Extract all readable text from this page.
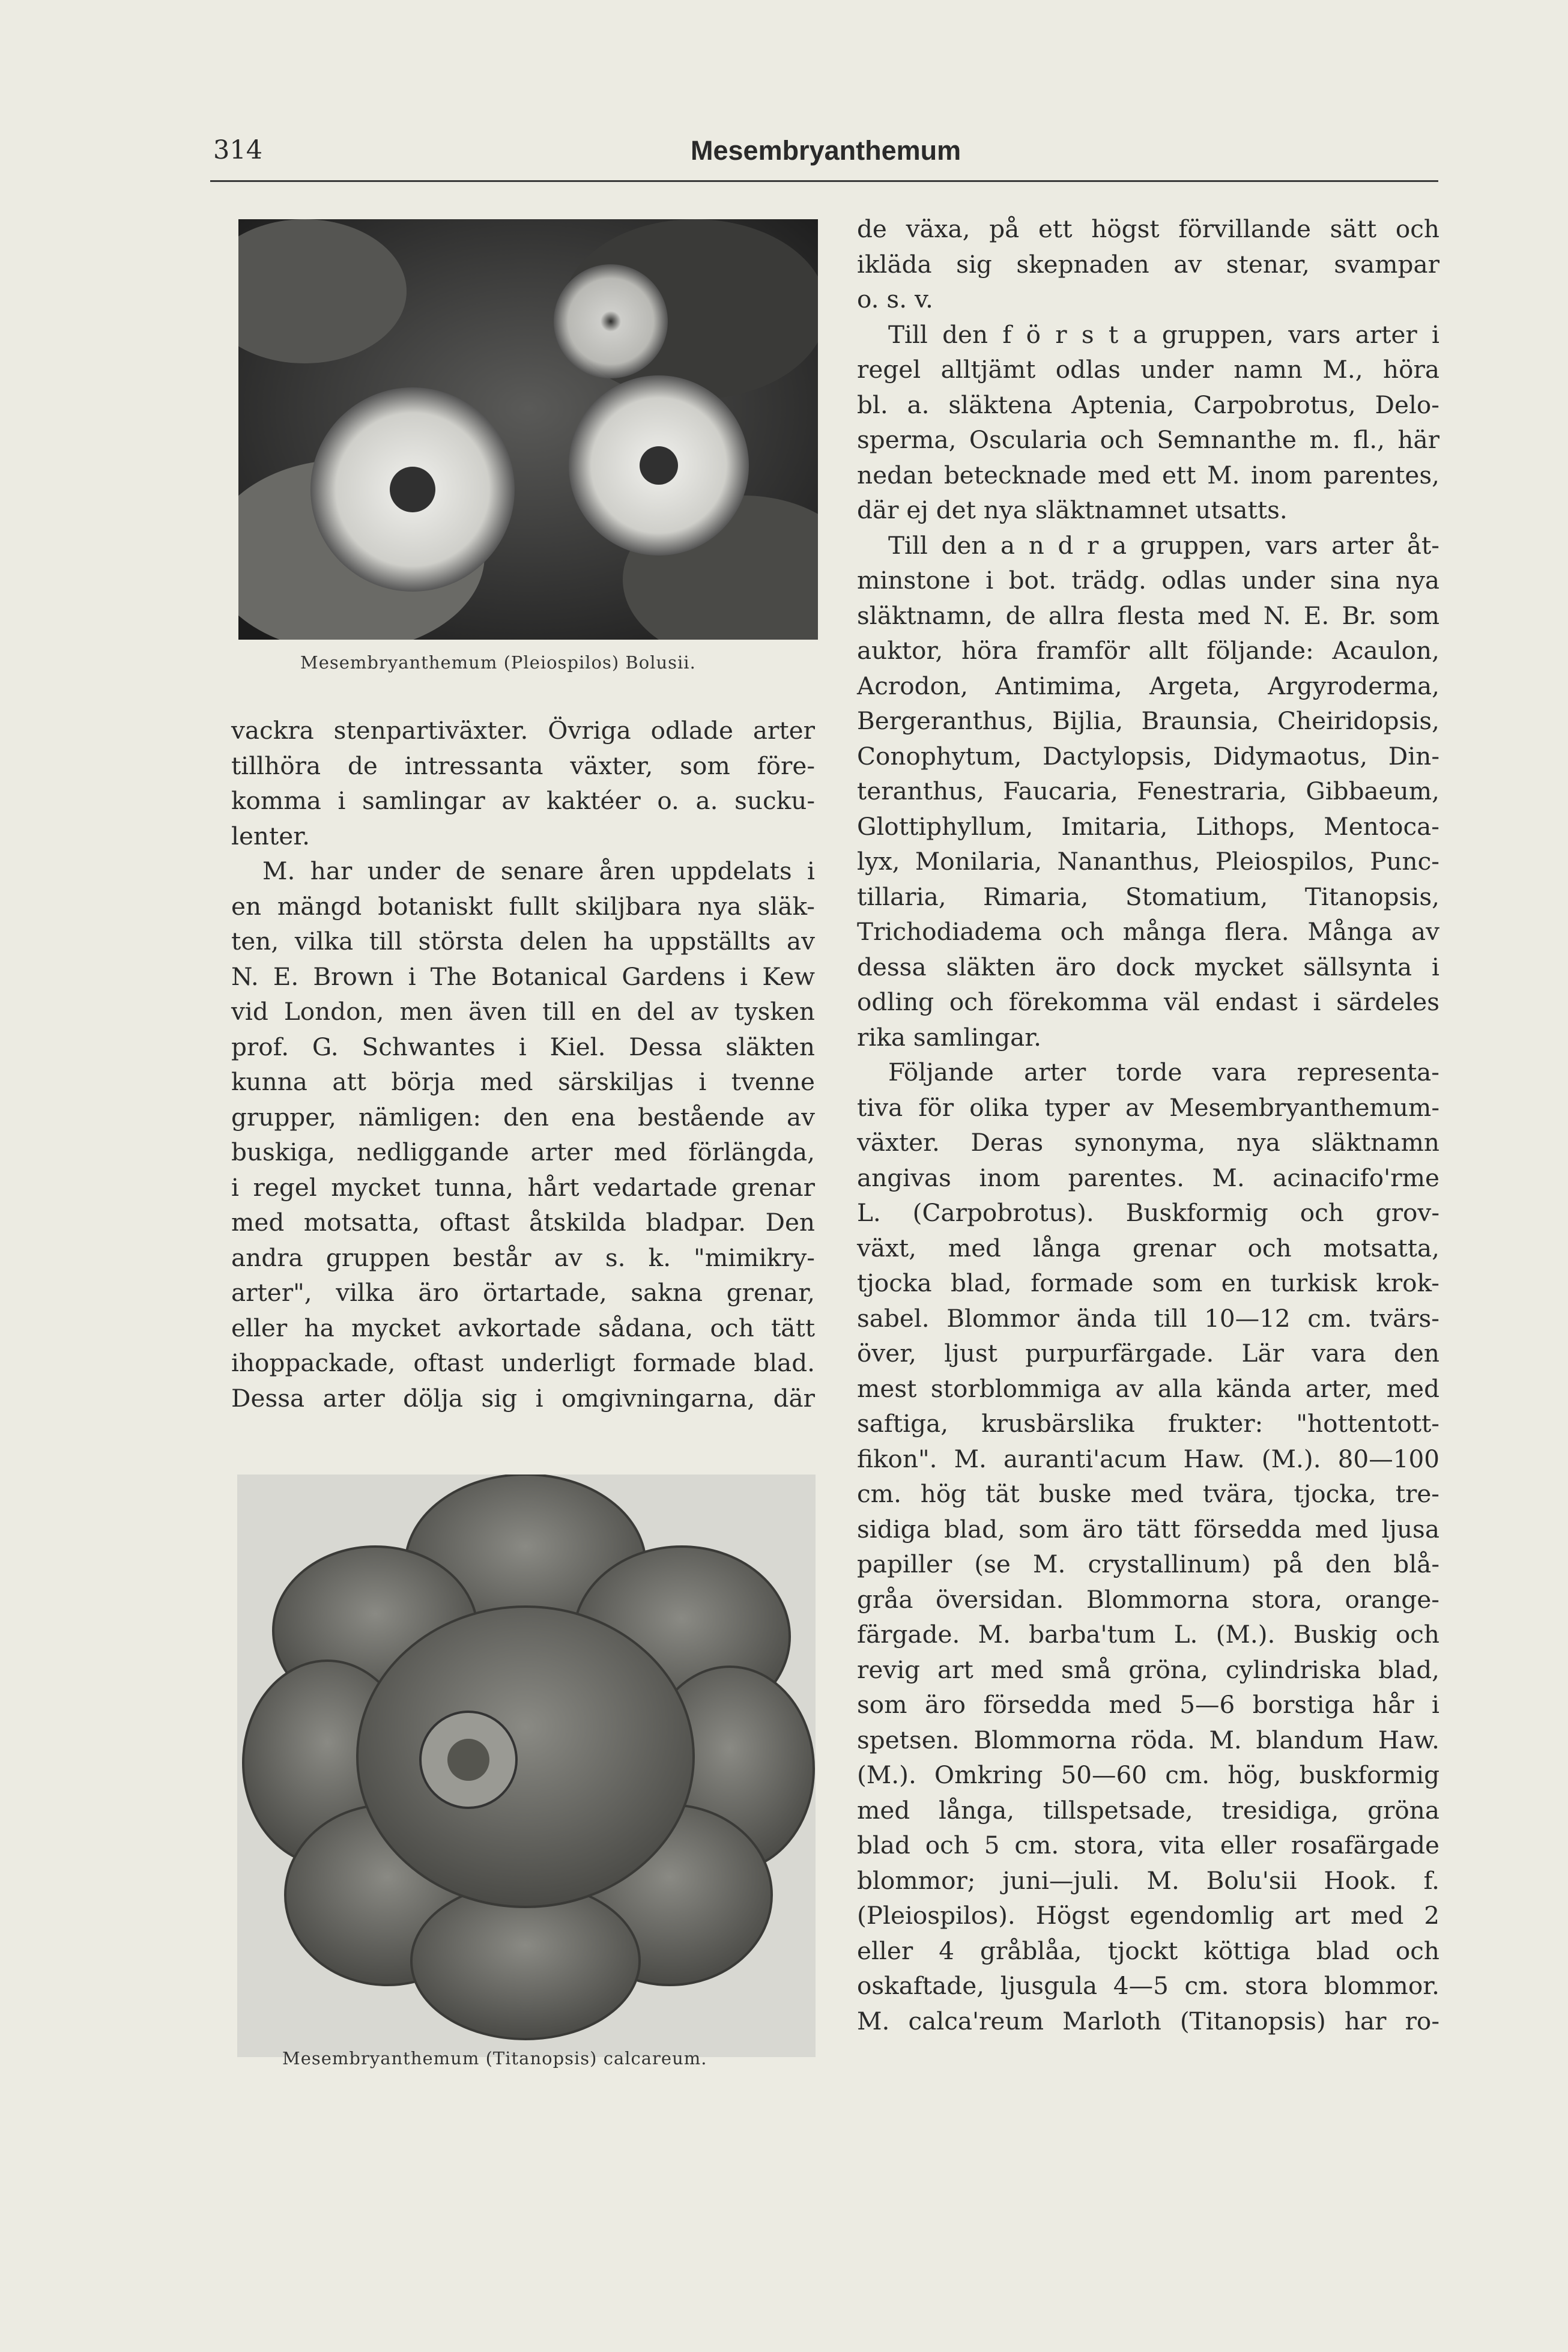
314	Mesembryanthemum
Mesembryanthemum (Pleiospilos) Bolusii.
Mesembryanthemum (Titanopsis) calcareum.
vackra stenpartiväxter. Övriga odlade arter
tillhöra de intressanta växter, som före-
komma i samlingar av kaktéer o. a. sucku-
lenter.
M. har under de senare åren uppdelats i
en mängd botaniskt fullt skiljbara nya släk-
ten, vilka till största delen ha uppställts av
N. E. Brown i The Botanical Gardens i Kew
vid London, men även till en del av tysken
prof. G. Schwantes i Kiel. Dessa släkten
kunna att börja med särskiljas i tvenne
grupper, nämligen: den ena bestående av
buskiga, nedliggande arter med förlängda,
i regel mycket tunna, hårt vedartade grenar
med motsatta, oftast åtskilda bladpar. Den
andra gruppen består av s. k. "mimikry-
arter", vilka äro örtartade, sakna grenar,
eller ha mycket avkortade sådana, och tätt
ihoppackade, oftast underligt formade blad.
Dessa arter dölja sig i omgivningarna, där
de växa, på ett högst förvillande sätt och
ikläda sig skepnaden av stenar, svampar
o. s. v.
Till den f ö r s t a gruppen, vars arter i
regel alltjämt odlas under namn M., höra
bl. a. släktena Aptenia, Carpobrotus, Delo-
sperma, Oscularia och Semnanthe m. fl., här
nedan betecknade med ett M. inom parentes,
där ej det nya släktnamnet utsatts.
Till den a n d r a gruppen, vars arter åt-
minstone i bot. trädg. odlas under sina nya
släktnamn, de allra flesta med N. E. Br. som
auktor, höra framför allt följande: Acaulon,
Acrodon, Antimima, Argeta, Argyroderma,
Bergeranthus, Bijlia, Braunsia, Cheiridopsis,
Conophytum, Dactylopsis, Didymaotus, Din-
teranthus, Faucaria, Fenestraria, Gibbaeum,
Glottiphyllum, Imitaria, Lithops, Mentoca-
lyx, Monilaria, Nananthus, Pleiospilos, Punc-
tillaria, Rimaria, Stomatium, Titanopsis,
Trichodiadema och många flera. Många av
dessa släkten äro dock mycket sällsynta i
odling och förekomma väl endast i särdeles
rika samlingar.
Följande arter torde vara representa-
tiva för olika typer av Mesembryanthemum-
växter. Deras synonyma, nya släktnamn
angivas inom parentes. M. acinacifo'rme
L. (Carpobrotus). Buskformig och grov-
växt, med långa grenar och motsatta,
tjocka blad, formade som en turkisk krok-
sabel. Blommor ända till 10—12 cm. tvärs-
över, ljust purpurfärgade. Lär vara den
mest storblommiga av alla kända arter, med
saftiga, krusbärslika frukter: "hottentott-
fikon". M. auranti'acum Haw. (M.). 80—100
cm. hög tät buske med tvära, tjocka, tre-
sidiga blad, som äro tätt försedda med ljusa
papiller (se M. crystallinum) på den blå-
gråa översidan. Blommorna stora, orange-
färgade. M. barba'tum L. (M.). Buskig och
revig art med små gröna, cylindriska blad,
som äro försedda med 5—6 borstiga hår i
spetsen. Blommorna röda. M. blandum Haw.
(M.). Omkring 50—60 cm. hög, buskformig
med långa, tillspetsade, tresidiga, gröna
blad och 5 cm. stora, vita eller rosafärgade
blommor; juni—juli. M. Bolu'sii Hook. f.
(Pleiospilos). Högst egendomlig art med 2
eller 4 gråblåa, tjockt köttiga blad och
oskaftade, ljusgula 4—5 cm. stora blommor.
M. calca'reum Marloth (Titanopsis) har ro-
